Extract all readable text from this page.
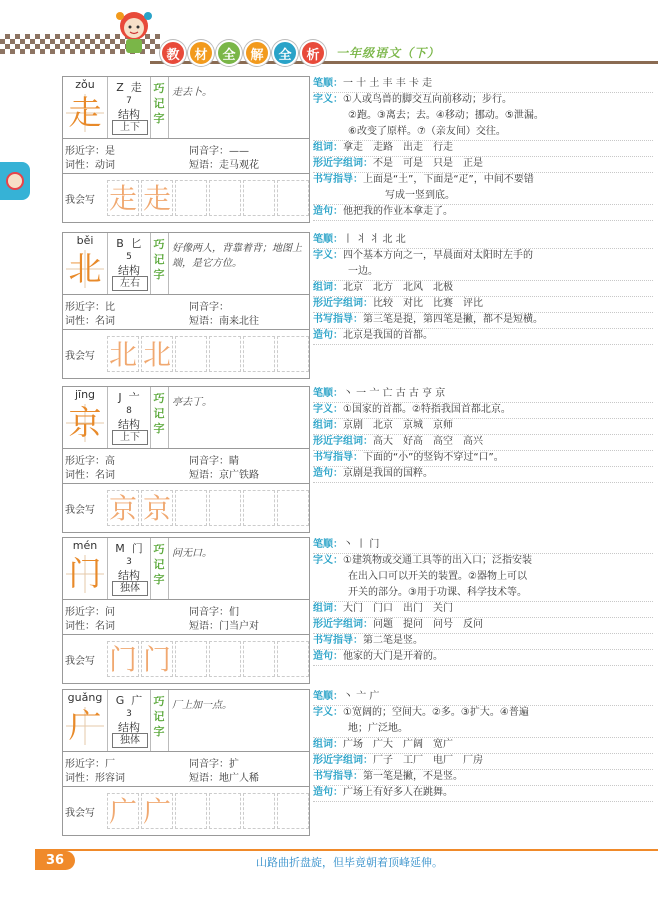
教	材	全	解	全	析	一年级语文（下）
zǒu
走
Z 走
7
结构
上下
巧
记
字
走去卜。
形近字：是	同音字：——
词性：动词	短语：走马观花
我会写 走 走
笔顺：一 十 土 丰 丰 卡 走
字义：①人或鸟兽的脚交互向前移动；步行。
②跑。③离去；去。④移动；挪动。⑤泄漏。
⑥改变了原样。⑦（亲友间）交往。
组词：拿走　走路　出走　行走
形近字组词：不是　可是　只是　正是
书写指导：上面是“土”，下面是“疋”，中间不要错
写成一竖到底。
造句：他把我的作业本拿走了。
běi
北
B 匕
5
结构
左右
巧
记
字
好像两人，背靠着背；地图上端，是它方位。
形近字：比	同音字：
词性：名词	短语：南来北往
我会写 北 北
笔顺：丨 丬 丬 北 北
字义：四个基本方向之一，早晨面对太阳时左手的
一边。
组词：北京　北方　北风　北极
形近字组词：比较　对比　比赛　评比
书写指导：第三笔是提，第四笔是撇，都不是短横。
造句：北京是我国的首都。
jīng
京
J 亠
8
结构
上下
巧
记
字
亭去丁。
形近字：高	同音字：睛
词性：名词	短语：京广铁路
我会写 京 京
笔顺：丶 一 亠 亡 古 古 亨 京
字义：①国家的首都。②特指我国首都北京。
组词：京剧　北京　京城　京师
形近字组词：高大　好高　高空　高兴
书写指导：下面的“小”的竖钩不穿过“口”。
造句：京剧是我国的国粹。
mén
门
M 门
3
结构
独体
巧
记
字
问无口。
形近字：问	同音字：们
词性：名词	短语：门当户对
我会写 门 门
笔顺：丶 丨 门
字义：①建筑物或交通工具等的出入口；泛指安装
在出入口可以开关的装置。②器物上可以
开关的部分。③用于功课、科学技术等。
组词：大门　门口　出门　关门
形近字组词：问题　提问　问号　反问
书写指导：第二笔是竖。
造句：他家的大门是开着的。
guǎng
广
G 广
3
结构
独体
巧
记
字
厂上加一点。
形近字：厂	同音字：扩
词性：形容词	短语：地广人稀
我会写 广 广
笔顺：丶 亠 广
字义：①宽阔的；空间大。②多。③扩大。④普遍
地；广泛地。
组词：广场　广大　广阔　宽广
形近字组词：厂子　工厂　电厂　厂房
书写指导：第一笔是撇，不是竖。
造句：广场上有好多人在跳舞。
36	山路曲折盘旋，但毕竟朝着顶峰延伸。
